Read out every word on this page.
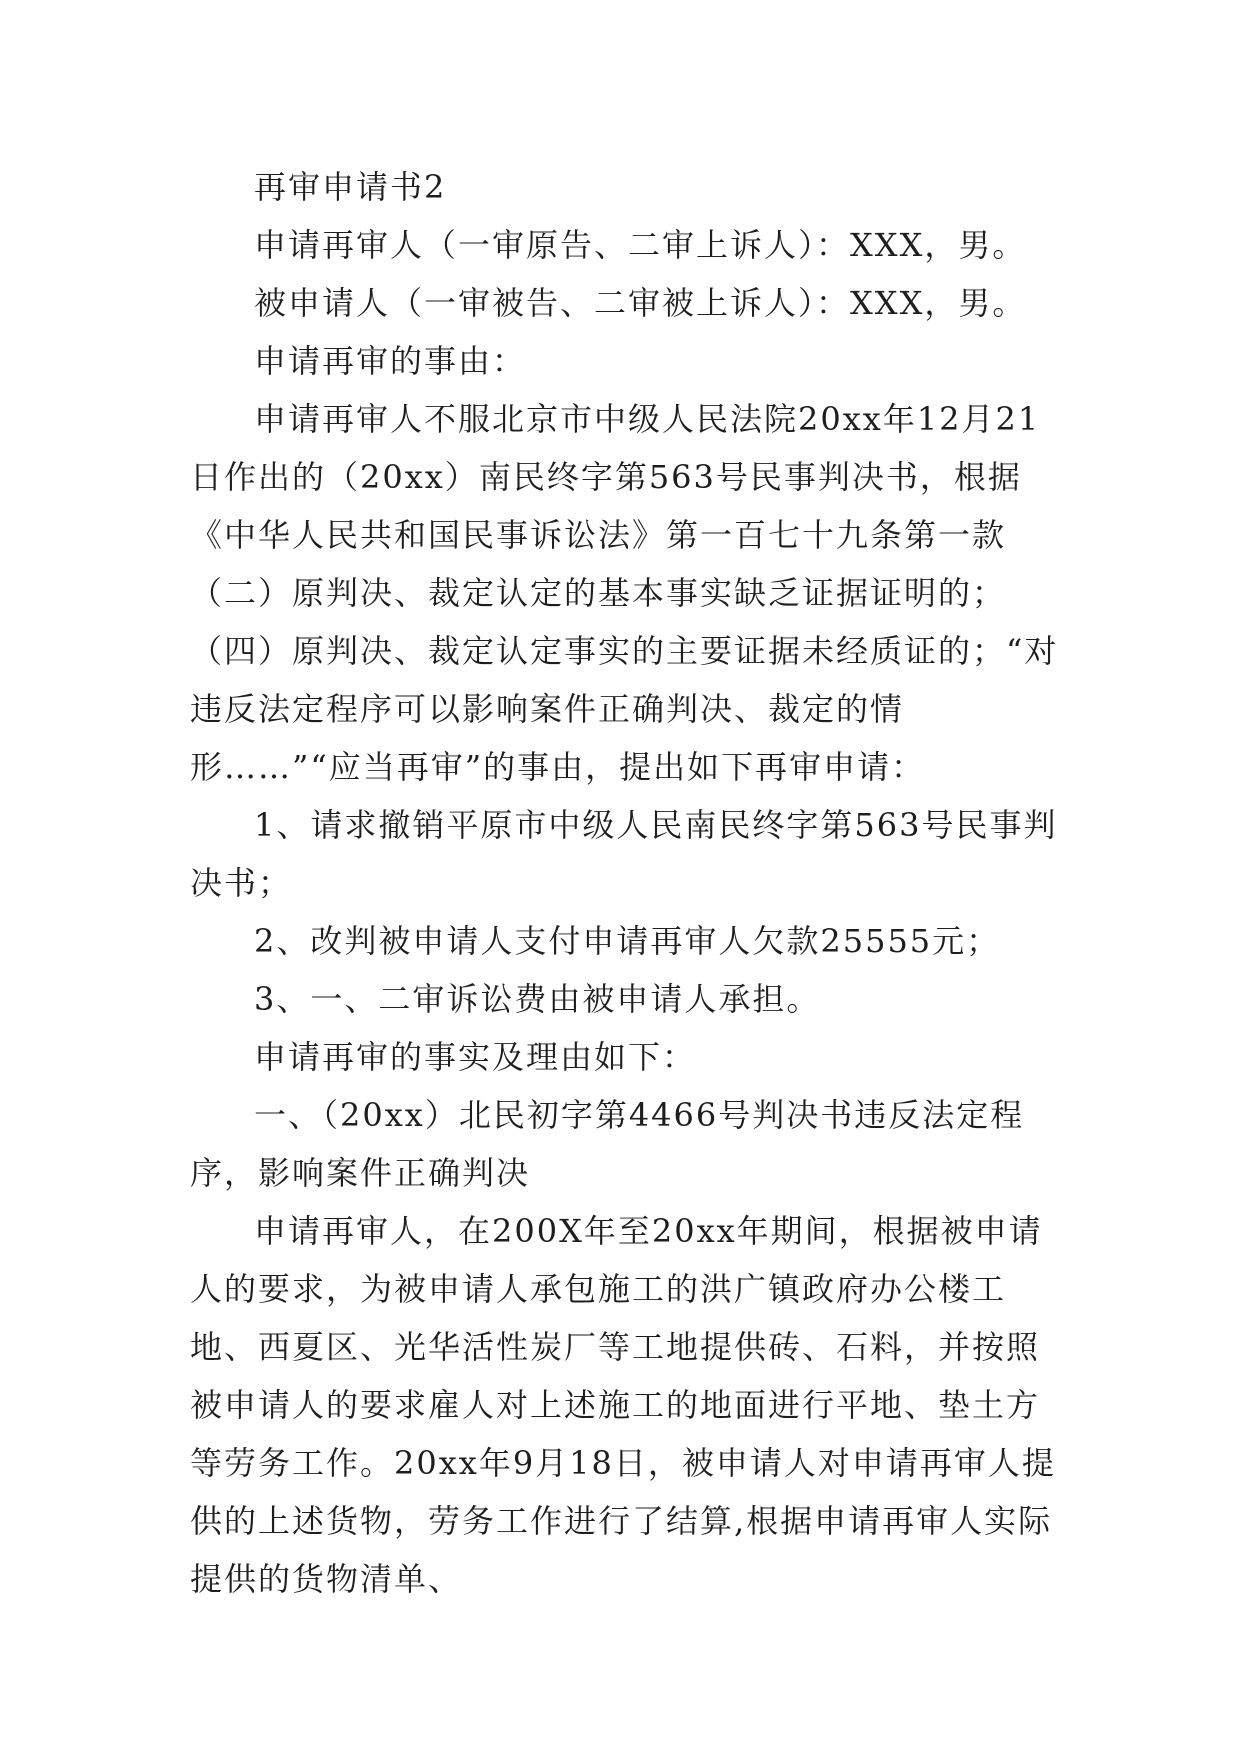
再审申请书2

申请再审人（一审原告、二审上诉人）：XXX，男。

被申请人（一审被告、二审被上诉人）：XXX，男。

申请再审的事由：

申请再审人不服北京市中级人民法院20xx年12月21日作出的（20xx）南民终字第563号民事判决书，根据《中华人民共和国民事诉讼法》第一百七十九条第一款（二）原判决、裁定认定的基本事实缺乏证据证明的；（四）原判决、裁定认定事实的主要证据未经质证的；“对违反法定程序可以影响案件正确判决、裁定的情形……”“应当再审”的事由，提出如下再审申请：

1、请求撤销平原市中级人民南民终字第563号民事判决书；

2、改判被申请人支付申请再审人欠款25555元；

3、一、二审诉讼费由被申请人承担。

申请再审的事实及理由如下：

一、（20xx）北民初字第4466号判决书违反法定程序，影响案件正确判决

申请再审人，在200X年至20xx年期间，根据被申请人的要求，为被申请人承包施工的洪广镇政府办公楼工地、西夏区、光华活性炭厂等工地提供砖、石料，并按照被申请人的要求雇人对上述施工的地面进行平地、垫土方等劳务工作。20xx年9月18日，被申请人对申请再审人提供的上述货物，劳务工作进行了结算,根据申请再审人实际提供的货物清单、
